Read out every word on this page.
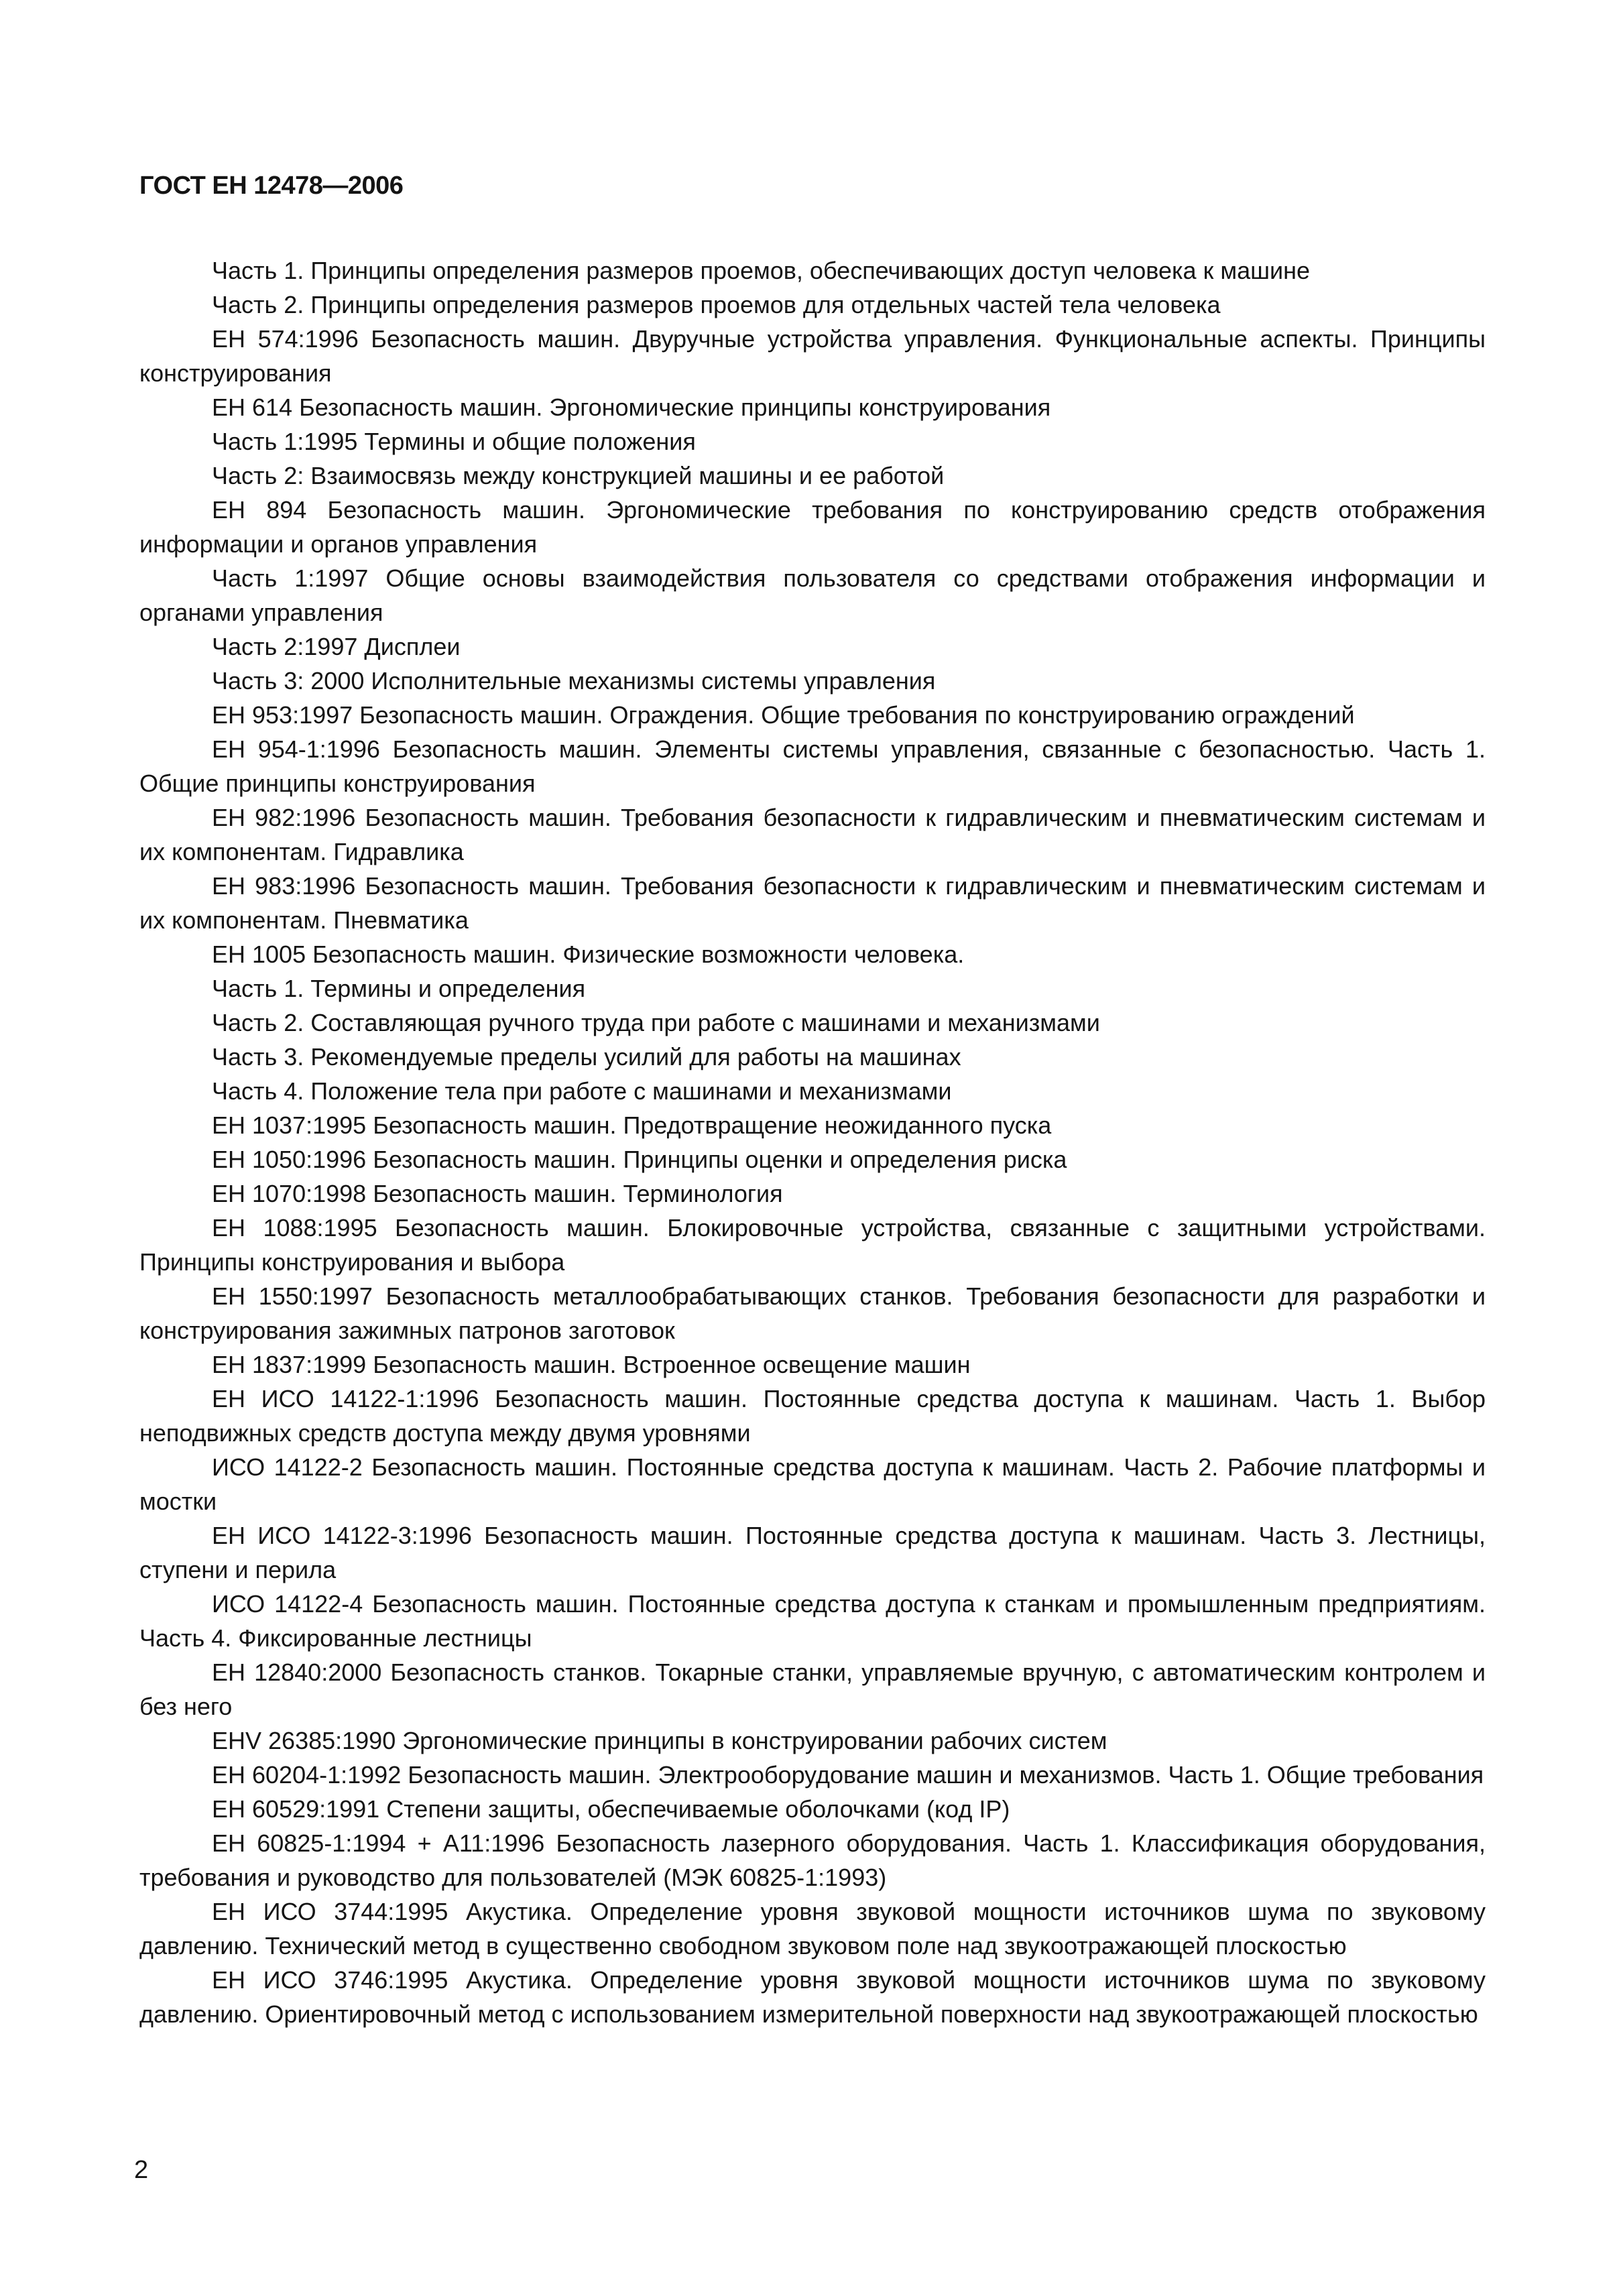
ГОСТ ЕН 12478—2006

Часть 1. Принципы определения размеров проемов, обеспечивающих доступ человека к машине

Часть 2. Принципы определения размеров проемов для отдельных частей тела человека

ЕН 574:1996 Безопасность машин. Двуручные устройства управления. Функциональные аспекты. Принципы конструирования

ЕН 614 Безопасность машин. Эргономические принципы конструирования

Часть 1:1995 Термины и общие положения

Часть 2: Взаимосвязь между конструкцией машины и ее работой

ЕН 894 Безопасность машин. Эргономические требования по конструированию средств отображения информации и органов управления

Часть 1:1997 Общие основы взаимодействия пользователя со средствами отображения информации и органами управления

Часть 2:1997 Дисплеи

Часть 3: 2000 Исполнительные механизмы системы управления

ЕН 953:1997 Безопасность машин. Ограждения. Общие требования по конструированию ограждений

ЕН 954-1:1996 Безопасность машин. Элементы системы управления, связанные с безопасностью. Часть 1. Общие принципы конструирования

ЕН 982:1996 Безопасность машин. Требования безопасности к гидравлическим и пневматическим системам и их компонентам. Гидравлика

ЕН 983:1996 Безопасность машин. Требования безопасности к гидравлическим и пневматическим системам и их компонентам. Пневматика

ЕН 1005 Безопасность машин. Физические возможности человека.

Часть 1. Термины и определения

Часть 2. Составляющая ручного труда при работе с машинами и механизмами

Часть 3. Рекомендуемые пределы усилий для работы на машинах

Часть 4. Положение тела при работе с машинами и механизмами

ЕН 1037:1995 Безопасность машин. Предотвращение неожиданного пуска

ЕН 1050:1996 Безопасность машин. Принципы оценки и определения риска

ЕН 1070:1998 Безопасность машин. Терминология

ЕН 1088:1995 Безопасность машин. Блокировочные устройства, связанные с защитными устройствами. Принципы конструирования и выбора

ЕН 1550:1997 Безопасность металлообрабатывающих станков. Требования безопасности для разработки и конструирования зажимных патронов заготовок

ЕН 1837:1999 Безопасность машин. Встроенное освещение машин

ЕН ИСО 14122-1:1996 Безопасность машин. Постоянные средства доступа к машинам. Часть 1. Выбор неподвижных средств доступа между двумя уровнями

ИСО 14122-2 Безопасность машин. Постоянные средства доступа к машинам. Часть 2. Рабочие платформы и мостки

ЕН ИСО 14122-3:1996 Безопасность машин. Постоянные средства доступа к машинам. Часть 3. Лестницы, ступени и перила

ИСО 14122-4 Безопасность машин. Постоянные средства доступа к станкам и промышленным предприятиям. Часть 4. Фиксированные лестницы

ЕН 12840:2000 Безопасность станков. Токарные станки, управляемые вручную, с автоматическим контролем и без него

ЕНV 26385:1990 Эргономические принципы в конструировании рабочих систем

ЕН 60204-1:1992 Безопасность машин. Электрооборудование машин и механизмов. Часть 1. Общие требования

ЕН 60529:1991 Степени защиты, обеспечиваемые оболочками (код IP)

ЕН 60825-1:1994 + А11:1996 Безопасность лазерного оборудования. Часть 1. Классификация оборудования, требования и руководство для пользователей (МЭК 60825-1:1993)

ЕН ИСО 3744:1995 Акустика. Определение уровня звуковой мощности источников шума по звуковому давлению. Технический метод в существенно свободном звуковом поле над звукоотражающей плоскостью

ЕН ИСО 3746:1995 Акустика. Определение уровня звуковой мощности источников шума по звуковому давлению. Ориентировочный метод с использованием измерительной поверхности над звукоотражающей плоскостью

2
